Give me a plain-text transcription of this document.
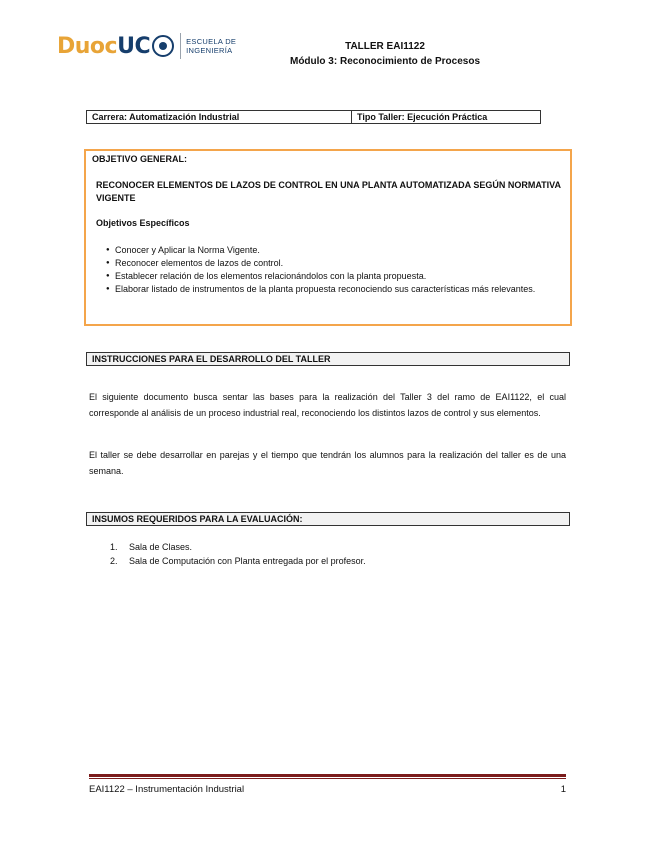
Duoc UC	ESCUELA DE
INGENIERÍA	TALLER EAI1122
Módulo 3: Reconocimiento de Procesos
Carrera: Automatización Industrial	Tipo Taller: Ejecución Práctica
OBJETIVO GENERAL:
RECONOCER ELEMENTOS DE LAZOS DE CONTROL EN UNA PLANTA AUTOMATIZADA SEGÚN NORMATIVA VIGENTE
Objetivos Específicos
● Conocer y Aplicar la Norma Vigente.
● Reconocer elementos de lazos de control.
● Establecer relación de los elementos relacionándolos con la planta propuesta.
● Elaborar listado de instrumentos de la planta propuesta reconociendo sus características más relevantes.
INSTRUCCIONES PARA EL DESARROLLO DEL TALLER
El siguiente documento busca sentar las bases para la realización del Taller 3 del ramo de EAI1122, el cual corresponde al análisis de un proceso industrial real, reconociendo los distintos lazos de control y sus elementos.
El taller se debe desarrollar en parejas y el tiempo que tendrán los alumnos para la realización del taller es de una semana.
INSUMOS REQUERIDOS PARA LA EVALUACIÓN:
1.	Sala de Clases.
2.	Sala de Computación con Planta entregada por el profesor.
EAI1122 – Instrumentación Industrial	1
